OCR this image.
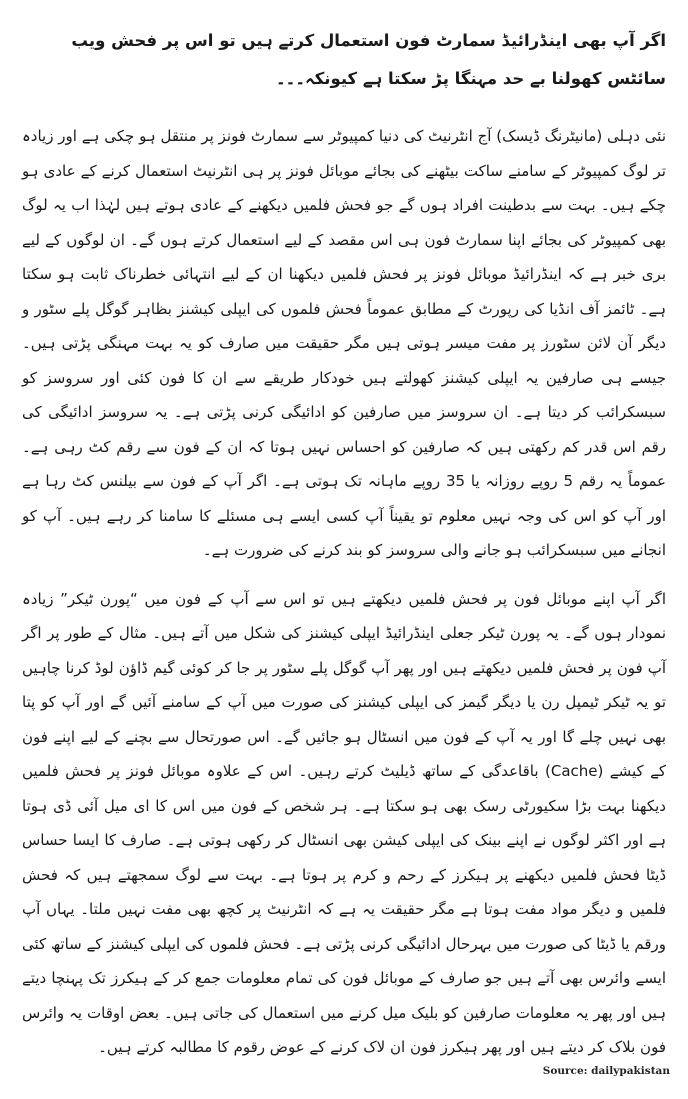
اگر آپ بھی اینڈرائیڈ سمارٹ فون استعمال کرتے ہیں تو اس پر فحش ویب سائٹس کھولنا بے حد مہنگا پڑ سکتا ہے کیونکہ۔۔۔

نئی دہلی (مانیٹرنگ ڈیسک) آج انٹرنیٹ کی دنیا کمپیوٹر سے سمارٹ فونز پر منتقل ہو چکی ہے اور زیادہ تر لوگ کمپیوٹر کے سامنے ساکت بیٹھنے کی بجائے موبائل فونز پر ہی انٹرنیٹ استعمال کرنے کے عادی ہو چکے ہیں۔ بہت سے بدطینت افراد ہوں گے جو فحش فلمیں دیکھنے کے عادی ہوتے ہیں لہٰذا اب یہ لوگ بھی کمپیوٹر کی بجائے اپنا سمارٹ فون ہی اس مقصد کے لیے استعمال کرتے ہوں گے۔ ان لوگوں کے لیے بری خبر ہے کہ اینڈرائیڈ موبائل فونز پر فحش فلمیں دیکھنا ان کے لیے انتہائی خطرناک ثابت ہو سکتا ہے۔ ٹائمز آف انڈیا کی رپورٹ کے مطابق عموماً فحش فلموں کی ایپلی کیشنز بظاہر گوگل پلے سٹور و دیگر آن لائن سٹورز پر مفت میسر ہوتی ہیں مگر حقیقت میں صارف کو یہ بہت مہنگی پڑتی ہیں۔ جیسے ہی صارفین یہ ایپلی کیشنز کھولتے ہیں خودکار طریقے سے ان کا فون کئی اور سروسز کو سبسکرائب کر دیتا ہے۔ ان سروسز میں صارفین کو ادائیگی کرنی پڑتی ہے۔ یہ سروسز ادائیگی کی رقم اس قدر کم رکھتی ہیں کہ صارفین کو احساس نہیں ہوتا کہ ان کے فون سے رقم کٹ رہی ہے۔ عموماً یہ رقم 5 روپے روزانہ یا 35 روپے ماہانہ تک ہوتی ہے۔ اگر آپ کے فون سے بیلنس کٹ رہا ہے اور آپ کو اس کی وجہ نہیں معلوم تو یقیناً آپ کسی ایسے ہی مسئلے کا سامنا کر رہے ہیں۔ آپ کو انجانے میں سبسکرائب ہو جانے والی سروسز کو بند کرنے کی ضرورت ہے۔

اگر آپ اپنے موبائل فون پر فحش فلمیں دیکھتے ہیں تو اس سے آپ کے فون میں “پورن ٹیکر” زیادہ نمودار ہوں گے۔ یہ پورن ٹیکر جعلی اینڈرائیڈ ایپلی کیشنز کی شکل میں آتے ہیں۔ مثال کے طور پر اگر آپ فون پر فحش فلمیں دیکھتے ہیں اور پھر آپ گوگل پلے سٹور پر جا کر کوئی گیم ڈاؤن لوڈ کرنا چاہیں تو یہ ٹیکر ٹیمپل رن یا دیگر گیمز کی ایپلی کیشنز کی صورت میں آپ کے سامنے آئیں گے اور آپ کو پتا بھی نہیں چلے گا اور یہ آپ کے فون میں انسٹال ہو جائیں گے۔ اس صورتحال سے بچنے کے لیے اپنے فون کے کیشے (Cache) باقاعدگی کے ساتھ ڈیلیٹ کرتے رہیں۔ اس کے علاوہ موبائل فونز پر فحش فلمیں دیکھنا بہت بڑا سکیورٹی رسک بھی ہو سکتا ہے۔ ہر شخص کے فون میں اس کا ای میل آئی ڈی ہوتا ہے اور اکثر لوگوں نے اپنے بینک کی ایپلی کیشن بھی انسٹال کر رکھی ہوتی ہے۔ صارف کا ایسا حساس ڈیٹا فحش فلمیں دیکھنے پر ہیکرز کے رحم و کرم پر ہوتا ہے۔ بہت سے لوگ سمجھتے ہیں کہ فحش فلمیں و دیگر مواد مفت ہوتا ہے مگر حقیقت یہ ہے کہ انٹرنیٹ پر کچھ بھی مفت نہیں ملتا۔ یہاں آپ ورقم یا ڈیٹا کی صورت میں بہرحال ادائیگی کرنی پڑتی ہے۔ فحش فلموں کی ایپلی کیشنز کے ساتھ کئی ایسے وائرس بھی آتے ہیں جو صارف کے موبائل فون کی تمام معلومات جمع کر کے ہیکرز تک پہنچا دیتے ہیں اور پھر یہ معلومات صارفین کو بلیک میل کرنے میں استعمال کی جاتی ہیں۔ بعض اوقات یہ وائرس فون بلاک کر دیتے ہیں اور پھر ہیکرز فون ان لاک کرنے کے عوض رقوم کا مطالبہ کرتے ہیں۔

Source: dailypakistan
